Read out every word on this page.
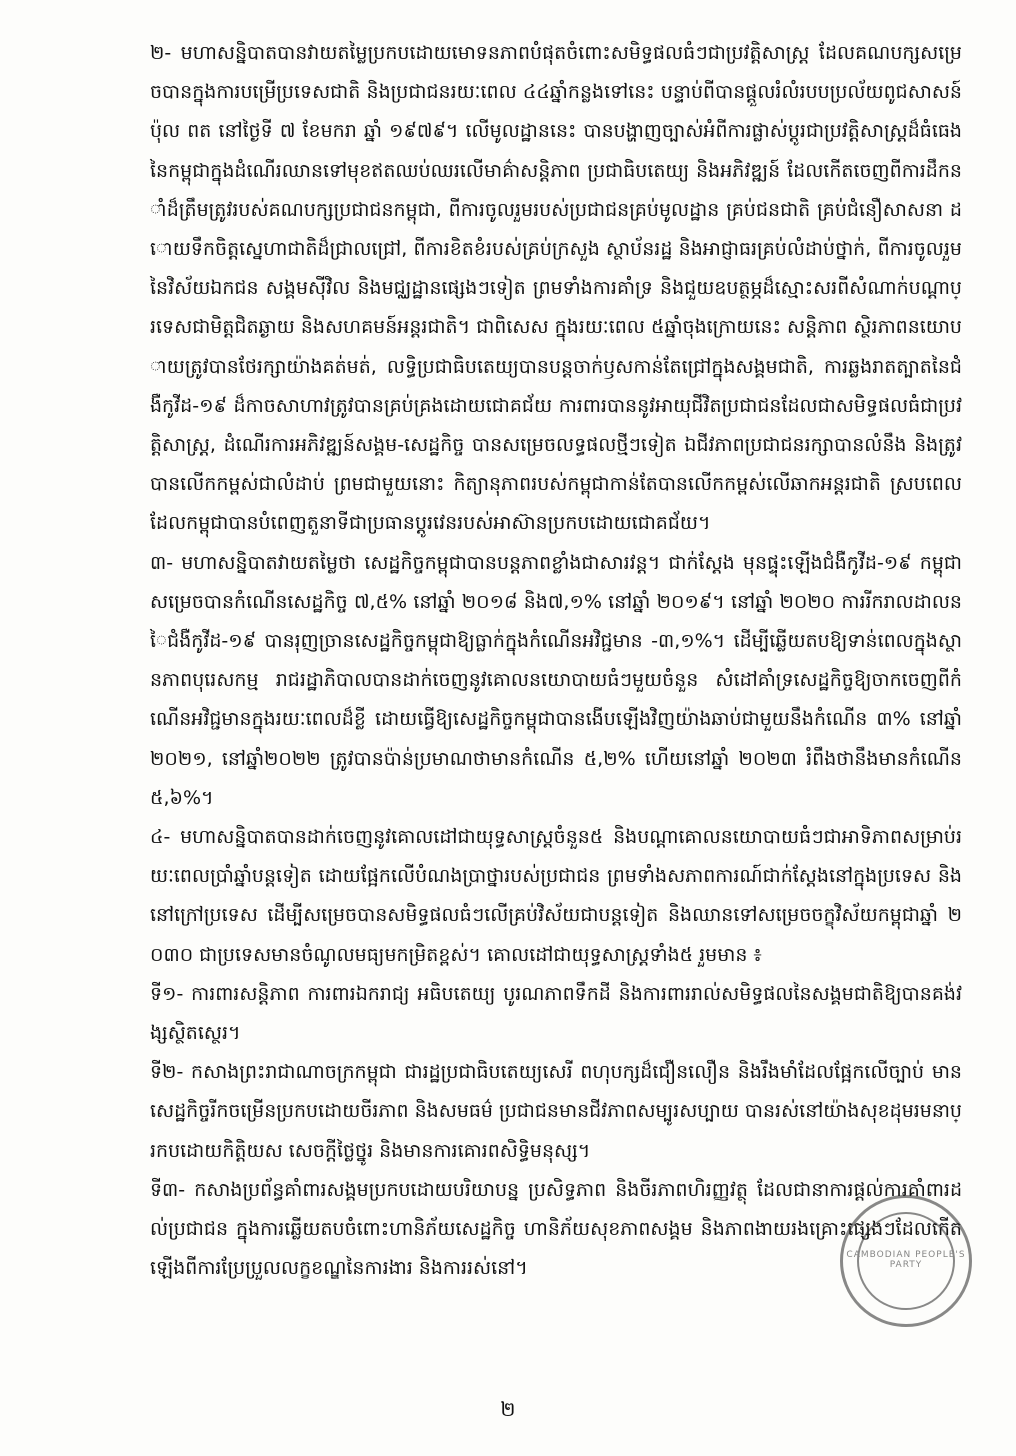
២- មហាសន្និបាតបានវាយតម្លៃប្រកបដោយមោទនភាពបំផុតចំពោះសមិទ្ធផលធំៗជាប្រវត្តិសាស្ត្រ ដែលគណបក្សសម្រេចបានក្នុងការបម្រើប្រទេសជាតិ និងប្រជាជនរយៈពេល ៤៤ឆ្នាំកន្លងទៅនេះ បន្ទាប់ពីបានផ្តួលរំលំរបបប្រល័យពូជសាសន៍ ប៉ុល ពត នៅថ្ងៃទី ៧ ខែមករា ឆ្នាំ ១៩៧៩។ លើមូលដ្ឋាននេះ បានបង្ហាញច្បាស់អំពីការផ្លាស់ប្តូរជាប្រវត្តិសាស្ត្រដ៏ធំធេងនៃកម្ពុជាក្នុងដំណើរឈានទៅមុខឥតឈប់ឈរលើមាគ៌ាសន្តិភាព ប្រជាធិបតេយ្យ និងអភិវឌ្ឍន៍ ដែលកើតចេញពីការដឹកនាំដ៏ត្រឹមត្រូវរបស់គណបក្សប្រជាជនកម្ពុជា, ពីការចូលរួមរបស់ប្រជាជនគ្រប់មូលដ្ឋាន គ្រប់ជនជាតិ គ្រប់ជំនឿសាសនា ដោយទឹកចិត្តស្នេហាជាតិដ៏ជ្រាលជ្រៅ, ពីការខិតខំរបស់គ្រប់ក្រសួង ស្ថាប័នរដ្ឋ និងអាជ្ញាធរគ្រប់លំដាប់ថ្នាក់, ពីការចូលរួមនៃវិស័យឯកជន សង្គមស៊ីវិល និងមជ្ឈដ្ឋានផ្សេងៗទៀត ព្រមទាំងការគាំទ្រ និងជួយឧបត្ថម្ភដ៏ស្មោះសរពីសំណាក់បណ្តាប្រទេសជាមិត្តជិតឆ្ងាយ និងសហគមន៍អន្តរជាតិ។ ជាពិសេស ក្នុងរយៈពេល ៥ឆ្នាំចុងក្រោយនេះ សន្តិភាព ស្ថិរភាពនយោបាយត្រូវបានថែរក្សាយ៉ាងគត់មត់, លទ្ធិប្រជាធិបតេយ្យបានបន្តចាក់ឫសកាន់តែជ្រៅក្នុងសង្គមជាតិ, ការឆ្លងរាតត្បាតនៃជំងឺកូវីដ-១៩ ដ៏កាចសាហាវត្រូវបានគ្រប់គ្រងដោយជោគជ័យ ការពារបាននូវអាយុជីវិតប្រជាជនដែលជាសមិទ្ធផលធំជាប្រវត្តិសាស្ត្រ, ដំណើរការអភិវឌ្ឍន៍សង្គម-សេដ្ឋកិច្ច បានសម្រេចលទ្ធផលថ្មីៗទៀត ឯជីវភាពប្រជាជនរក្សាបានលំនឹង និងត្រូវបានលើកកម្ពស់ជាលំដាប់ ព្រមជាមួយនោះ កិត្យានុភាពរបស់កម្ពុជាកាន់តែបានលើកកម្ពស់លើឆាកអន្តរជាតិ ស្របពេលដែលកម្ពុជាបានបំពេញតួនាទីជាប្រធានប្តូរវេនរបស់អាស៊ានប្រកបដោយជោគជ័យ។

៣- មហាសន្និបាតវាយតម្លៃថា សេដ្ឋកិច្ចកម្ពុជាបានបន្តភាពខ្លាំងជាសារវន្ត។ ជាក់ស្តែង មុនផ្ទុះឡើងជំងឺកូវីដ-១៩ កម្ពុជាសម្រេចបានកំណើនសេដ្ឋកិច្ច ៧,៥% នៅឆ្នាំ ២០១៨ និង៧,១% នៅឆ្នាំ ២០១៩។ នៅឆ្នាំ ២០២០ ការរីករាលដាលនៃជំងឺកូវីដ-១៩ បានរុញច្រានសេដ្ឋកិច្ចកម្ពុជាឱ្យធ្លាក់ក្នុងកំណើនអវិជ្ជមាន -៣,១%។ ដើម្បីឆ្លើយតបឱ្យទាន់ពេលក្នុងស្ថានភាពបុរេសកម្ម រាជរដ្ឋាភិបាលបានដាក់ចេញនូវគោលនយោបាយធំៗមួយចំនួន សំដៅគាំទ្រសេដ្ឋកិច្ចឱ្យចាកចេញពីកំណើនអវិជ្ជមានក្នុងរយៈពេលដ៏ខ្លី ដោយធ្វើឱ្យសេដ្ឋកិច្ចកម្ពុជាបានងើបឡើងវិញយ៉ាងឆាប់ជាមួយនឹងកំណើន ៣% នៅឆ្នាំ ២០២១, នៅឆ្នាំ២០២២ ត្រូវបានប៉ាន់ប្រមាណថាមានកំណើន ៥,២% ហើយនៅឆ្នាំ ២០២៣ រំពឹងថានឹងមានកំណើន ៥,៦%។

៤- មហាសន្និបាតបានដាក់ចេញនូវគោលដៅជាយុទ្ធសាស្ត្រចំនួន៥ និងបណ្តាគោលនយោបាយធំៗជាអាទិភាពសម្រាប់រយៈពេលប្រាំឆ្នាំបន្តទៀត ដោយផ្អែកលើបំណងប្រាថ្នារបស់ប្រជាជន ព្រមទាំងសភាពការណ៍ជាក់ស្តែងនៅក្នុងប្រទេស និងនៅក្រៅប្រទេស ដើម្បីសម្រេចបានសមិទ្ធផលធំៗលើគ្រប់វិស័យជាបន្តទៀត និងឈានទៅសម្រេចចក្ខុវិស័យកម្ពុជាឆ្នាំ ២០៣០ ជាប្រទេសមានចំណូលមធ្យមកម្រិតខ្ពស់។ គោលដៅជាយុទ្ធសាស្ត្រទាំង៥ រួមមាន ៖

ទី១- ការពារសន្តិភាព ការពារឯករាជ្យ អធិបតេយ្យ បូរណភាពទឹកដី និងការពាររាល់សមិទ្ធផលនៃសង្គមជាតិឱ្យបានគង់វង្សស្ថិតស្ថេរ។

ទី២- កសាងព្រះរាជាណាចក្រកម្ពុជា ជារដ្ឋប្រជាធិបតេយ្យសេរី ពហុបក្សដ៏ជឿនលឿន និងរឹងមាំដែលផ្អែកលើច្បាប់ មានសេដ្ឋកិច្ចរីកចម្រើនប្រកបដោយចីរភាព និងសមធម៌ ប្រជាជនមានជីវភាពសម្បូរសប្បាយ បានរស់នៅយ៉ាងសុខដុមរមនាប្រកបដោយកិត្តិយស សេចក្តីថ្លៃថ្នូរ និងមានការគោរពសិទ្ធិមនុស្ស។

ទី៣- កសាងប្រព័ន្ធគាំពារសង្គមប្រកបដោយបរិយាបន្ន ប្រសិទ្ធភាព និងចីរភាពហិរញ្ញវត្ថុ ដែលជានាការផ្តល់ការគាំពារដល់ប្រជាជន ក្នុងការឆ្លើយតបចំពោះហានិភ័យសេដ្ឋកិច្ច ហានិភ័យសុខភាពសង្គម និងភាពងាយរងគ្រោះផ្សេងៗដែលកើតឡើងពីការប្រែប្រួលលក្ខខណ្ឌនៃការងារ និងការរស់នៅ។

CAMBODIAN PEOPLE'S PARTY
២
